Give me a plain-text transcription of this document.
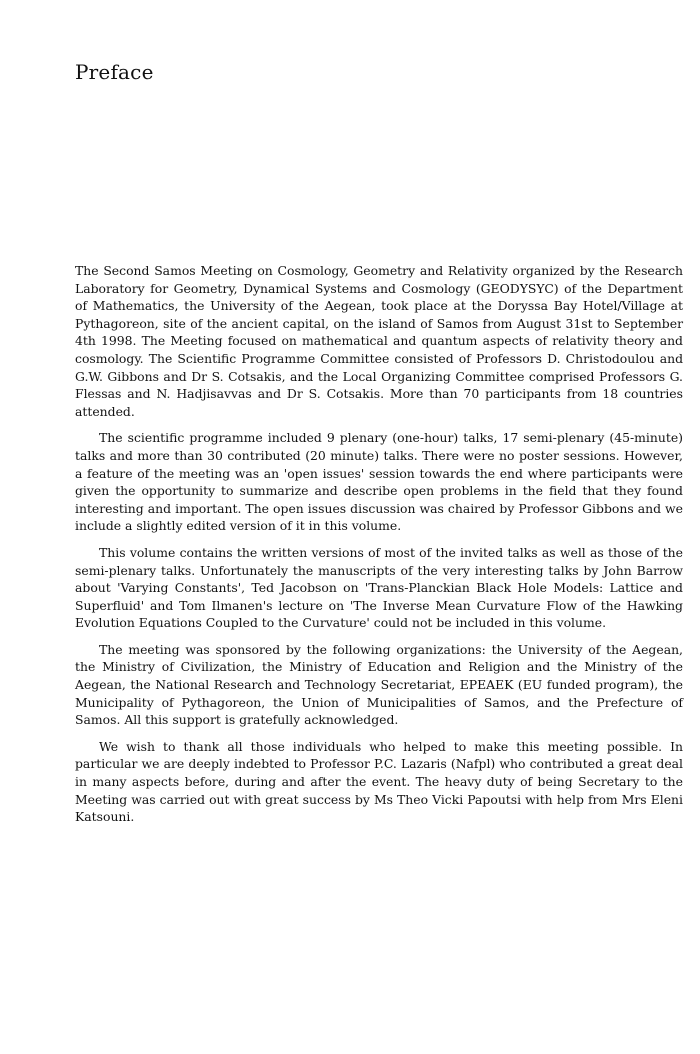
Preface

The Second Samos Meeting on Cosmology, Geometry and Relativity organized by the Research Laboratory for Geometry, Dynamical Systems and Cosmology (GEODYSYC) of the Department of Mathematics, the University of the Aegean, took place at the Doryssa Bay Hotel/Village at Pythagoreon, site of the ancient capital, on the island of Samos from August 31st to September 4th 1998. The Meeting focused on mathematical and quantum aspects of relativity theory and cosmology. The Scientific Programme Committee consisted of Professors D. Christodoulou and G.W. Gibbons and Dr S. Cotsakis, and the Local Organizing Committee comprised Professors G. Flessas and N. Hadjisavvas and Dr S. Cotsakis. More than 70 participants from 18 countries attended.

The scientific programme included 9 plenary (one-hour) talks, 17 semi-plenary (45-minute) talks and more than 30 contributed (20 minute) talks. There were no poster sessions. However, a feature of the meeting was an 'open issues' session towards the end where participants were given the opportunity to summarize and describe open problems in the field that they found interesting and important. The open issues discussion was chaired by Professor Gibbons and we include a slightly edited version of it in this volume.

This volume contains the written versions of most of the invited talks as well as those of the semi-plenary talks. Unfortunately the manuscripts of the very interesting talks by John Barrow about 'Varying Constants', Ted Jacobson on 'Trans-Planckian Black Hole Models: Lattice and Superfluid' and Tom Ilmanen's lecture on 'The Inverse Mean Curvature Flow of the Hawking Evolution Equations Coupled to the Curvature' could not be included in this volume.

The meeting was sponsored by the following organizations: the University of the Aegean, the Ministry of Civilization, the Ministry of Education and Religion and the Ministry of the Aegean, the National Research and Technology Secretariat, EPEAEK (EU funded program), the Municipality of Pythagoreon, the Union of Municipalities of Samos, and the Prefecture of Samos. All this support is gratefully acknowledged.

We wish to thank all those individuals who helped to make this meeting possible. In particular we are deeply indebted to Professor P.C. Lazaris (Nafpl) who contributed a great deal in many aspects before, during and after the event. The heavy duty of being Secretary to the Meeting was carried out with great success by Ms Theo Vicki Papoutsi with help from Mrs Eleni Katsouni.
